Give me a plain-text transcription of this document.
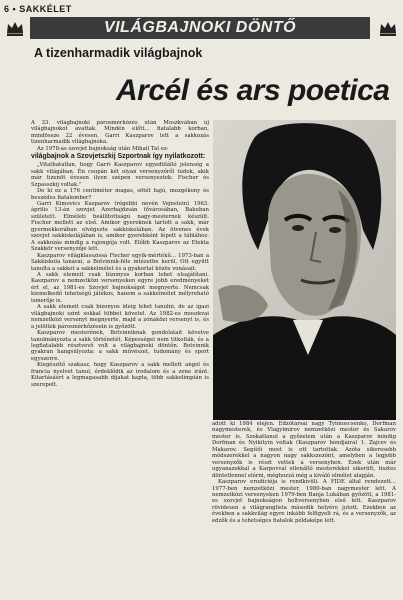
6 • SAKKÉLET
VILÁGBAJNOKI DÖNTŐ
A tizenharmadik világbajnok
Arcél és ars poetica

A 33. világbajnoki párosmérkőzés után Moszkvában új világbajnokot avattak. Mindén előtt... fiatalabb korban, mindössze 22 évesen, Garri Kaszparov lett a sakkozás tizenharmadik világbajnoka.

Az 1978-as szovjet bajnokság után Mihail Tal ez-

világbajnok a Szovjetszkij Szportnak így nyilatkozott:

„Vitathatatlan, hogy Garri Kaszparov egyedülálló jelenség a sakk világában. Én csupán két olyan versenyzőről tudok, akik már tizenöt évesen ilyen szépen versenyeztek: Fischer és Szpasszkij voltak.”

De ki ez a 176 centiméter magas, sötét hajú, mozgékony és beszédes fiatalember?

Garri Kimovics Kasparov (régebbi nevén Vejnstein) 1963. április 13-án szovjet Azerbajdzsán fővárosában, Bakuban született. Elméleti beállítottságú nagy-mesternek készült. Fischer mellett az első. Amikor gyereknek tartott a sakk, már gyermekkorában elvégezte sakkiskolában. Az ötvenes évek szovjet sakkiskolájában is, amikor gyerekként lépett a táblához. A sakkozás mindig a rajongója volt. Előbb Kaszparov az Elekta Szakkör versenyzője lett.

Kaszparov világklasszissá Fischer egyik-mértékű... 1973-ban a Sakkiskola tanárai, a Botvinnik-féle intézetbe kerül. Ott együtt tanulta a sakkot a sakkelmélet és a gyakorlat közös vonásait.

A sakk elemeit csak bizonyos korban lehet elsajátítani. Kaszparov a nemzetközi versenyeken egyre jobb eredményeket ért el, az 1981-es Szovjet bajnokságot megnyerte. Nemcsak kiemelkedő tehetségű játékos, hanem a sakkelmélet mélyreható ismerője is.

A sakk elemeit csak bizonyos ideig lehet tanulni, de az igazi világbajnoki szint sokkal többet követel. Az 1982-es moszkvai nemzetközi versenyt megnyerte, majd a zónaközi versenyt is, és a jelöltek párosmérkőzésein is győzött.

Kaszparov mesterének, Botvinniknak gondolatait követve tanulmányozta a sakk történetét. Képességei nem titkolták, és a legfiatalabb résztvevő volt a világbajnoki döntőn. Botvinnik gyakran hangsúlyozta: a sakk művészet, tudomány és sport egyszerre.

Kiegészítő szakasz, hogy Kaszparov a sakk mellett angol és francia nyelvet tanul, érdeklődik az irodalom és a zene iránt. Kitartásáért a legmagasabb díjakat kapta, több sakkolimpián is szerepelt.

adott ki 1984 elején. Edzőtársai nagy Tyimoscsenko, Dorfman nagymesterek, és Vlagyimirov nemzetközi mester és Sakarov mester is. Szokatlanul a győzelem után a Kaszparov mindig Dorfman és Nyikityin voltak (Kaszparov hondjaira) 1. Zajcev és Makarov. Segítői most is ott tartottak. Azóta sikeresebb módszerekkel a nagyon nagy sakkszezónt, amelyben a legjobb versenyzők is részt vettek a versenyben. Ezek után már ugyanazokkal a Karpovval ellenálló mesterekkel sikerült, tisztes döntetlennel elérni, méghozzá még a kiváló elmélet alapján.

Kaszparov erudíciója is rendkívüli. A FIDE által rendezett... 1977-ben nemzetközi mester, 1980-ban nagymester lett. A nemzetközi versenyeken 1979-ben Banja Lukában győzött, a 1981-es szovjet bajnokságon holtversenyben első lett. Kaszparov rövidesen a világranglista második helyére jutott. Ezekben az években a sakkvilág egyre inkább felfigyelt rá, és a versenyzők, az edzők és a tehetséges fiatalok példaképe lett.
